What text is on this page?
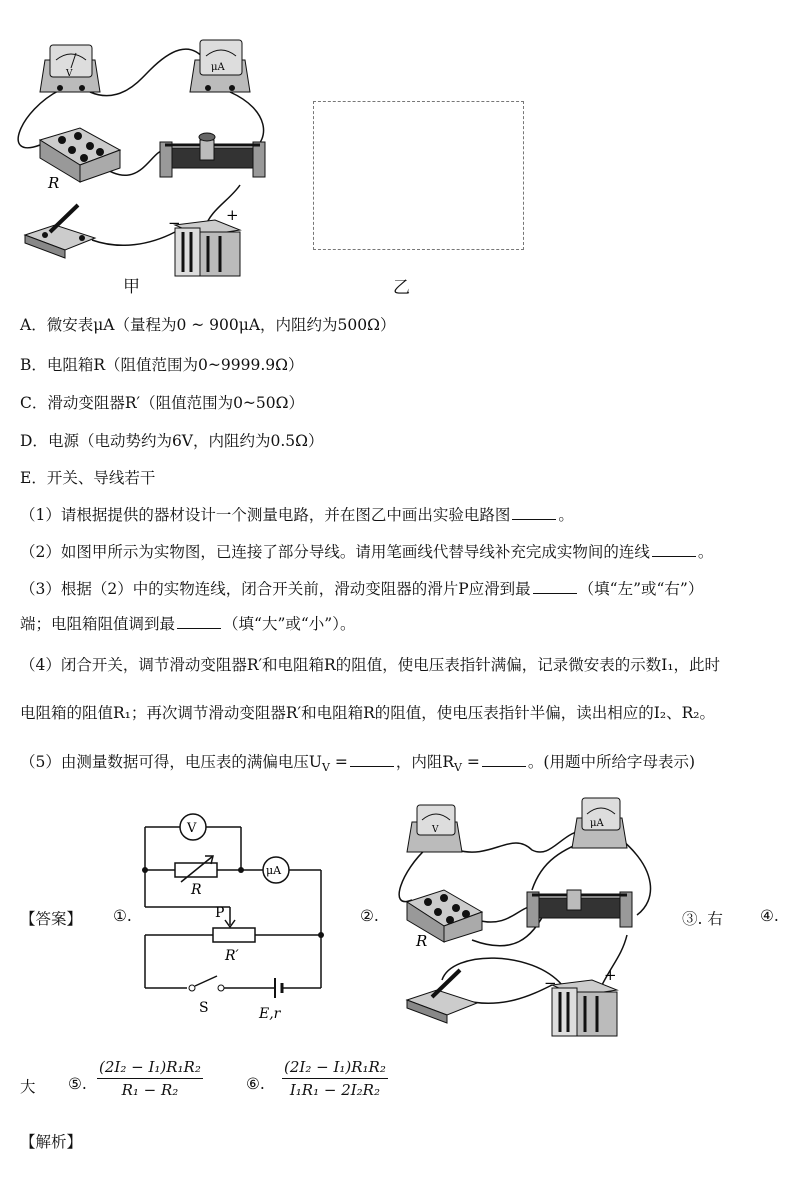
V
μA
R
−	+
甲	乙
A．微安表μA（量程为0 ~ 900μA，内阻约为500Ω）
B．电阻箱R（阻值范围为0~9999.9Ω）
C．滑动变阻器R′（阻值范围为0~50Ω）
D．电源（电动势约为6V，内阻约为0.5Ω）
E．开关、导线若干
（1）请根据提供的器材设计一个测量电路，并在图乙中画出实验电路图	。
（2）如图甲所示为实物图，已连接了部分导线。请用笔画线代替导线补充完成实物间的连线	。
（3）根据（2）中的实物连线，闭合开关前，滑动变阻器的滑片P应滑到最	（填“左”或“右”）
端；电阻箱阻值调到最	（填“大”或“小”）。
（4）闭合开关，调节滑动变阻器R′和电阻箱R的阻值，使电压表指针满偏，记录微安表的示数I₁，此时
电阻箱的阻值R₁；再次调节滑动变阻器R′和电阻箱R的阻值，使电压表指针半偏，读出相应的I₂、R₂。
（5）由测量数据可得，电压表的满偏电压$U_V$ =	，内阻$R_V$ =	。(用题中所给字母表示)
【答案】 ①.
V
μA
R
P
R′
S	E,r
②.
V
μA
R
−	+
③. 右 ④.
大 ⑤. $\frac{\text{(2I₂ − I₁)R₁R₂}}{\text{R₁ − R₂}}$	⑥. $\frac{\text{(2I₂ − I₁)R₁R₂}}{\text{I₁R₁ − 2I₂R₂}}$
【解析】
